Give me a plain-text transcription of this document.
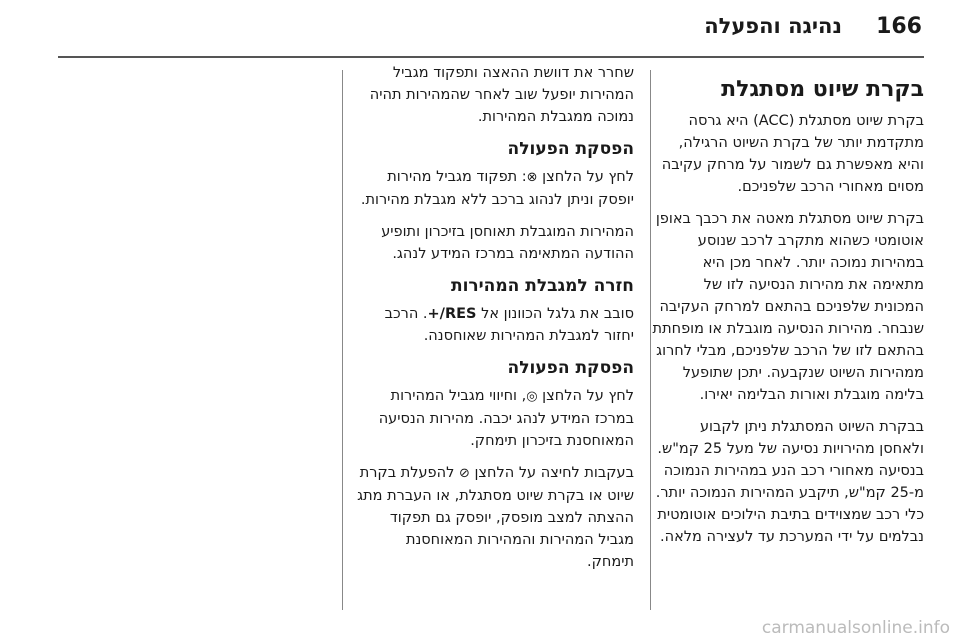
166
נהיגה והפעלה
בקרת שיוט מסתגלת

בקרת שיוט מסתגלת (ACC) היא גרסה מתקדמת יותר של בקרת השיוט הרגילה, והיא מאפשרת גם לשמור על מרחק עקיבה מסוים מאחורי הרכב שלפניכם.

בקרת שיוט מסתגלת מאטה את רכבך באופן אוטומטי כשהוא מתקרב לרכב שנוסע במהירות נמוכה יותר. לאחר מכן היא מתאימה את מהירות הנסיעה לזו של המכונית שלפניכם בהתאם למרחק העקיבה שנבחר. מהירות הנסיעה מוגבלת או מופחתת בהתאם לזו של הרכב שלפניכם, מבלי לחרוג ממהירות השיוט שנקבעה. יתכן שתופעל בלימה מוגבלת ואורות הבלימה יאירו.

בבקרת השיוט המסתגלת ניתן לקבוע ולאחסן מהירויות נסיעה של מעל 25 קמ"ש. בנסיעה מאחורי רכב הנע במהירות הנמוכה מ-25 קמ"ש, תיקבע המהירות הנמוכה יותר. כלי רכב שמצוידים בתיבת הילוכים אוטומטית נבלמים על ידי המערכת עד לעצירה מלאה.

שחרר את דוושת ההאצה ותפקוד מגביל המהירות יופעל שוב לאחר שהמהירות תהיה נמוכה ממגבלת המהירות.

הפסקת הפעולה

לחץ על הלחצן ⊗: תפקוד מגביל מהירות יופסק וניתן לנהוג ברכב ללא מגבלת מהירות.

המהירות המוגבלת תאוחסן בזיכרון ותופיע ההודעה המתאימה במרכז המידע לנהג.

חזרה למגבלת המהירות

סובב את גלגל הכוונון אל RES/+. הרכב יחזור למגבלת המהירות שאוחסנה.

הפסקת הפעולה

לחץ על הלחצן ◎, וחיווי מגביל המהירות במרכז המידע לנהג יכבה. מהירות הנסיעה המאוחסנת בזיכרון תימחק.

בעקבות לחיצה על הלחצן ⊘ להפעלת בקרת שיוט או בקרת שיוט מסתגלת, או העברת מתג ההצתה למצב מופסק, יופסק גם תפקוד מגביל המהירות והמהירות המאוחסנת תימחק.

carmanualsonline.info
